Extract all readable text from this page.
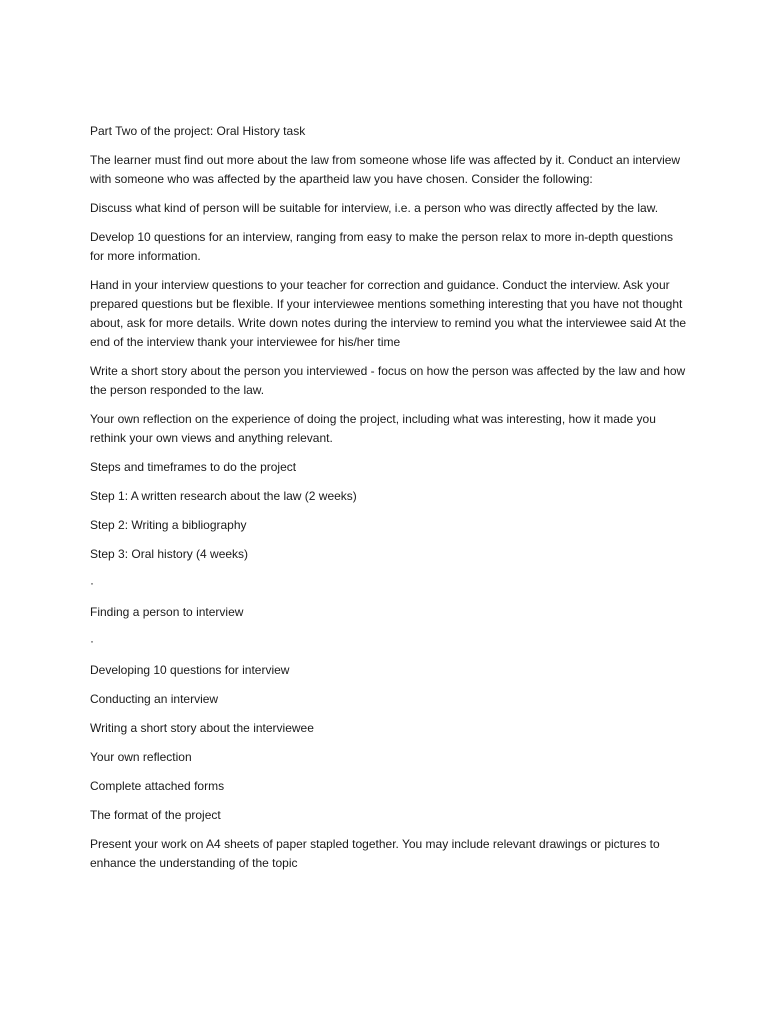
Part Two of the project: Oral History task

The learner must find out more about the law from someone whose life was affected by it. Conduct an interview with someone who was affected by the apartheid law you have chosen. Consider the following:

Discuss what kind of person will be suitable for interview, i.e. a person who was directly affected by the law.

Develop 10 questions for an interview, ranging from easy to make the person relax to more in-depth questions for more information.

Hand in your interview questions to your teacher for correction and guidance. Conduct the interview. Ask your prepared questions but be flexible. If your interviewee mentions something interesting that you have not thought about, ask for more details. Write down notes during the interview to remind you what the interviewee said At the end of the interview thank your interviewee for his/her time

Write a short story about the person you interviewed - focus on how the person was affected by the law and how the person responded to the law.

Your own reflection on the experience of doing the project, including what was interesting, how it made you rethink your own views and anything relevant.

Steps and timeframes to do the project

Step 1: A written research about the law (2 weeks)

Step 2: Writing a bibliography

Step 3: Oral history (4 weeks)

·

Finding a person to interview

·

Developing 10 questions for interview

Conducting an interview

Writing a short story about the interviewee

Your own reflection

Complete attached forms

The format of the project

Present your work on A4 sheets of paper stapled together. You may include relevant drawings or pictures to enhance the understanding of the topic
